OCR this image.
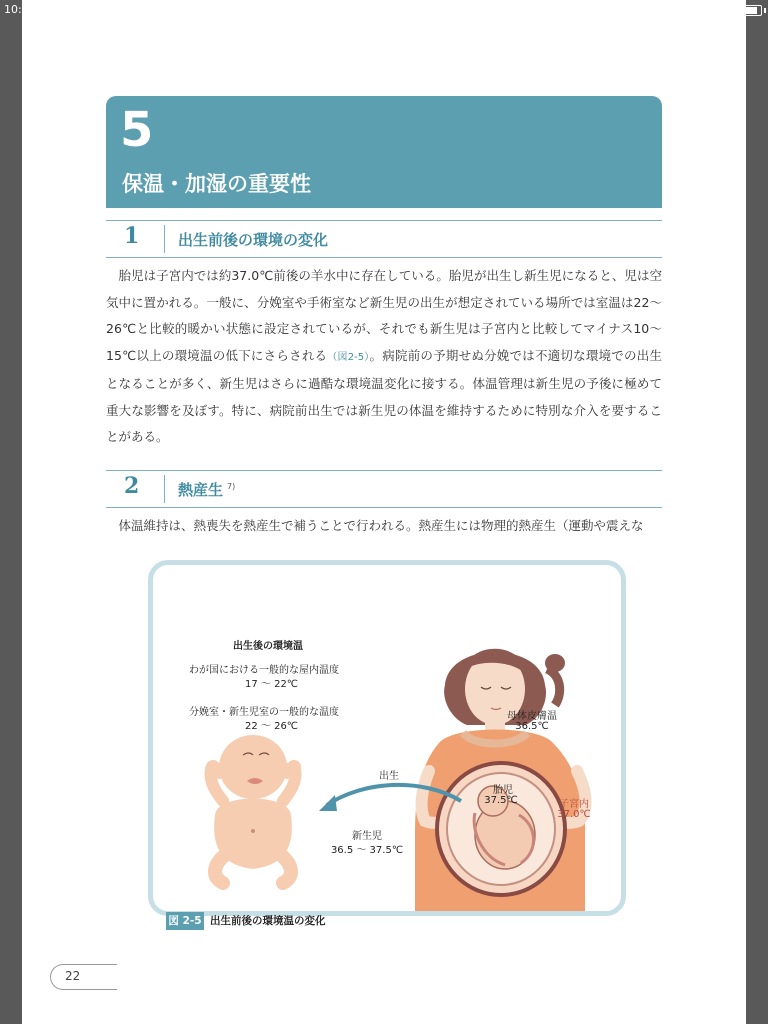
10:
5
保温・加湿の重要性
1	出生前後の環境の変化

胎児は子宮内では約37.0℃前後の羊水中に存在している。胎児が出生し新生児になると、児は空気中に置かれる。一般に、分娩室や手術室など新生児の出生が想定されている場所では室温は22～26℃と比較的暖かい状態に設定されているが、それでも新生児は子宮内と比較してマイナス10～15℃以上の環境温の低下にさらされる（図2-5）。病院前の予期せぬ分娩では不適切な環境での出生となることが多く、新生児はさらに過酷な環境温変化に接する。体温管理は新生児の予後に極めて重大な影響を及ぼす。特に、病院前出生では新生児の体温を維持するために特別な介入を要することがある。

2	熱産生 $^{7)}$

体温維持は、熱喪失を熱産生で補うことで行われる。熱産生には物理的熱産生（運動や震えな

出生後の環境温
わが国における一般的な屋内温度
17 ～ 22℃
分娩室・新生児室の一般的な温度
22 ～ 26℃
出生
新生児
36.5 ～ 37.5℃
母体皮膚温
36.5℃
胎児
37.5℃	子宮内
37.0℃
図 2-5 出生前後の環境温の変化
22
